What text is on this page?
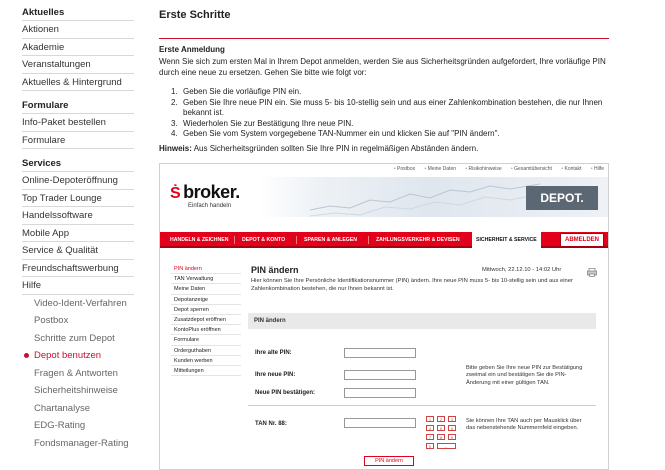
Aktuelles
Aktionen
Akademie
Veranstaltungen
Aktuelles & Hintergrund
Formulare
Info-Paket bestellen
Formulare
Services
Online-Depoteröffnung
Top Trader Lounge
Handelssoftware
Mobile App
Service & Qualität
Freundschaftswerbung
Hilfe
Video-Ident-Verfahren
Postbox
Schritte zum Depot
Depot benutzen
Fragen & Antworten
Sicherheitshinweise
Chartanalyse
EDG-Rating
Fondsmanager-Rating
Erste Schritte
Erste Anmeldung
Wenn Sie sich zum ersten Mal in Ihrem Depot anmelden, werden Sie aus Sicherheitsgründen aufgefordert, Ihre vorläufige PIN durch eine neue zu ersetzen. Gehen Sie bitte wie folgt vor:
1. Geben Sie die vorläufige PIN ein.
2. Geben Sie Ihre neue PIN ein. Sie muss 5- bis 10-stellig sein und aus einer Zahlenkombination bestehen, die nur Ihnen bekannt ist.
3. Wiederholen Sie zur Bestätigung Ihre neue PIN.
4. Geben Sie vom System vorgegebene TAN-Nummer ein und klicken Sie auf "PIN ändern".
Hinweis: Aus Sicherheitsgründen sollten Sie Ihre PIN in regelmäßigen Abständen ändern.
• Postbox	• Meine Daten	• Risikohinweise	• Gesamtübersicht	• Kontakt	• Hilfe
Ṡ broker.
Einfach handeln
DEPOT.
HANDELN & ZEICHNEN	DEPOT & KONTO	SPAREN & ANLEGEN	ZAHLUNGSVERKEHR & DEVISEN	SICHERHEIT & SERVICE	ABMELDEN
PIN ändern
TAN Verwaltung
Meine Daten
Depotanzeige
Depot sperren
Zusatzdepot eröffnen
KontoPlus eröffnen
Formulare
Orderguthaben
Kunden werben
Mitteilungen
PIN ändern	Mittwoch, 22.12.10 - 14:02 Uhr
Hier können Sie Ihre Persönliche Identifikationsnummer (PIN) ändern. Ihre neue PIN muss 5- bis 10-stellig sein und aus einer Zahlenkombination bestehen, die nur Ihnen bekannt ist.
PIN ändern
Ihre alte PIN:
Ihre neue PIN:
Neue PIN bestätigen:
Bitte geben Sie Ihre neue PIN zur Bestätigung zweimal ein und bestätigen Sie die PIN-Änderung mit einer gültigen TAN.
TAN Nr. 88:
1	2	3
4	5	6
7	8	9
0	←
Sie können Ihre TAN auch per Mausklick über das nebenstehende Nummernfeld eingeben.
PIN ändern
